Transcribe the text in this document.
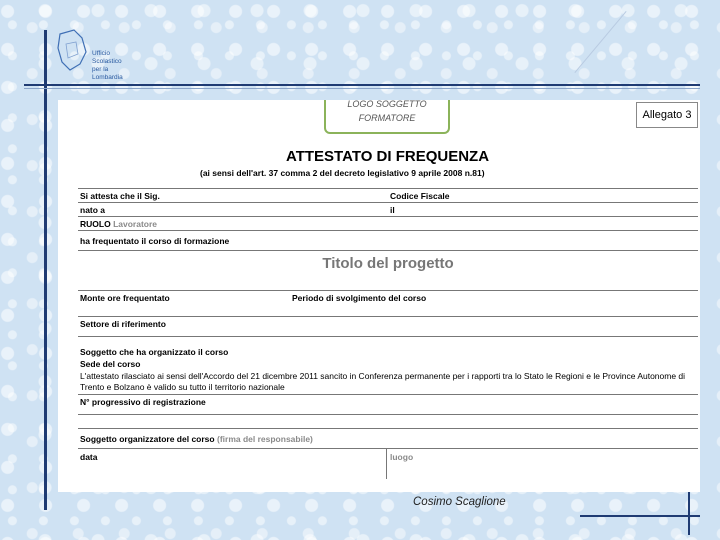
Ufficio
Scolastico
per la
Lombardia
LOGO SOGGETTO
FORMATORE	Allegato 3
ATTESTATO DI FREQUENZA
(ai sensi dell'art. 37 comma 2 del decreto legislativo 9 aprile 2008 n.81)
Si attesta che il Sig.	Codice Fiscale
nato a	il
RUOLO Lavoratore
ha frequentato il corso di formazione
Titolo del progetto
Monte ore frequentato	Periodo di svolgimento del corso
Settore di riferimento
Soggetto che ha organizzato il corso
Sede del corso
L'attestato rilasciato ai sensi dell'Accordo del 21 dicembre 2011 sancito in Conferenza permanente per i rapporti tra lo Stato le Regioni e le Province Autonome di Trento e Bolzano è valido su tutto il territorio nazionale
N° progressivo di registrazione
Soggetto organizzatore del corso (firma del responsabile)
data	luogo
Cosimo Scaglione
